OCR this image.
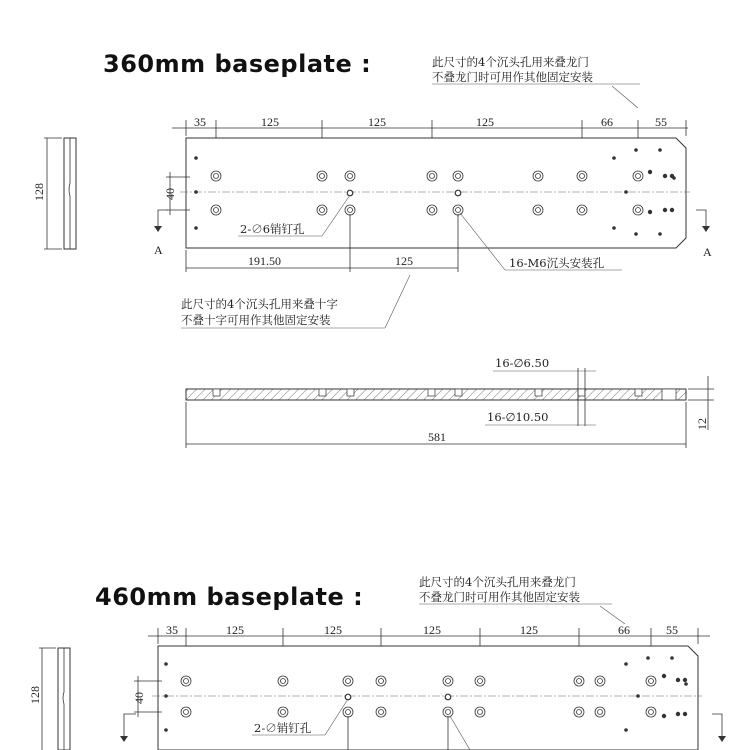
360mm baseplate :
460mm baseplate :
128
此尺寸的4个沉头孔用来叠龙门
不叠龙门时可用作其他固定安装
35	125	125	125	66	55
40
A	A
2-∅6销钉孔
16-M6沉头安装孔
191.50	125
此尺寸的4个沉头孔用来叠十字
不叠十字可用作其他固定安装
16-∅6.50
16-∅10.50
581
12
128
此尺寸的4个沉头孔用来叠龙门
不叠龙门时可用作其他固定安装
35	125	125	125	125	66	55
40
2-∅销钉孔
